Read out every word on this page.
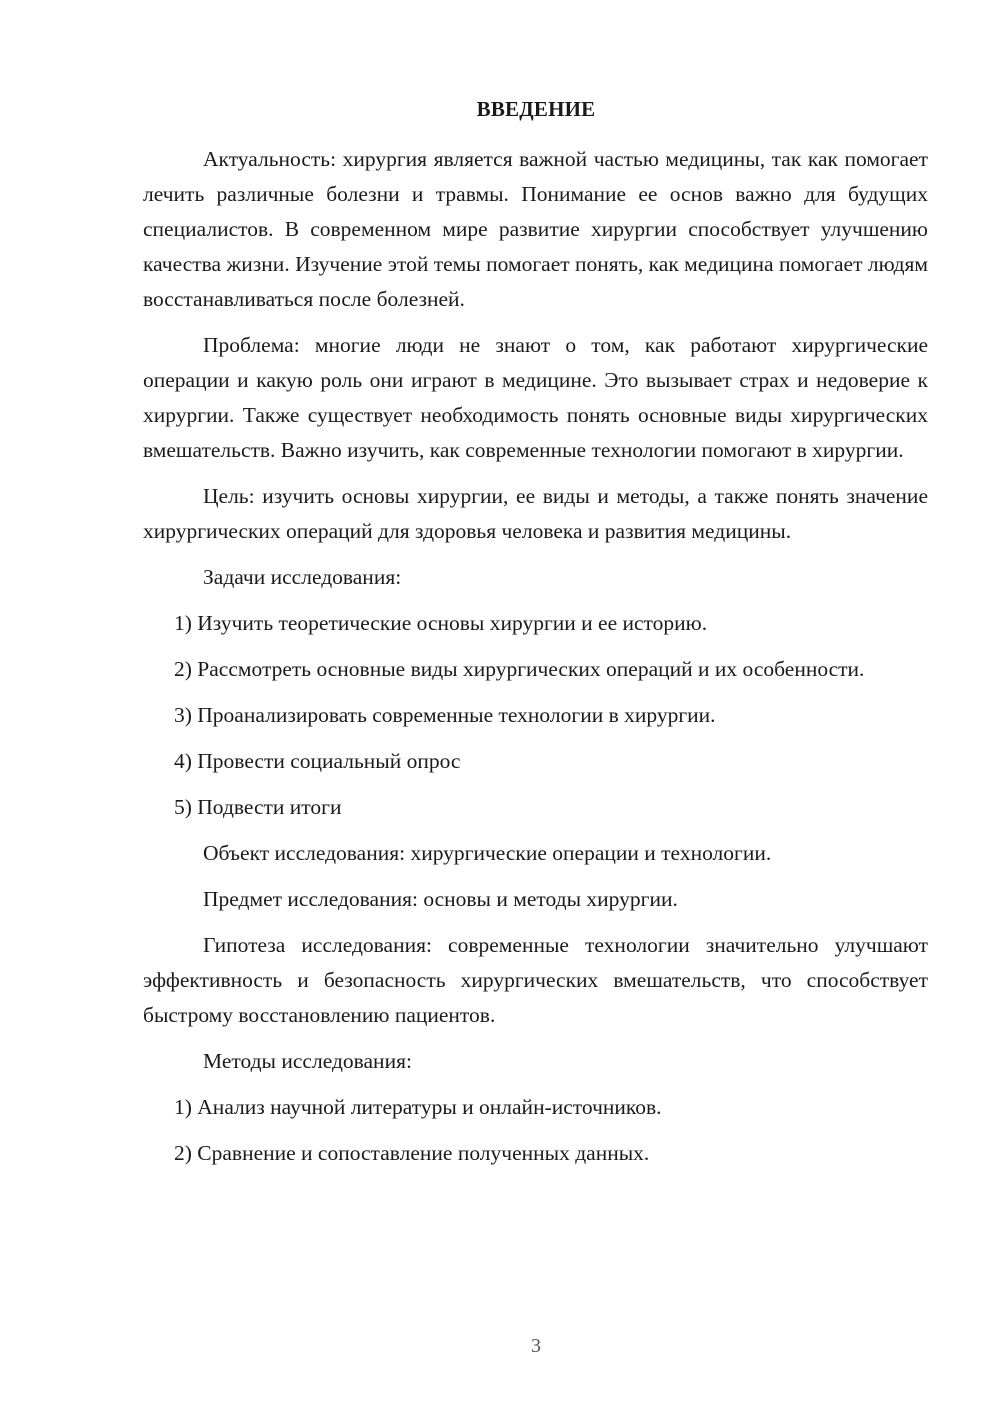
ВВЕДЕНИЕ

Актуальность: хирургия является важной частью медицины, так как помогает лечить различные болезни и травмы. Понимание ее основ важно для будущих специалистов. В современном мире развитие хирургии способствует улучшению качества жизни. Изучение этой темы помогает понять, как медицина помогает людям восстанавливаться после болезней.

Проблема: многие люди не знают о том, как работают хирургические операции и какую роль они играют в медицине. Это вызывает страх и недоверие к хирургии. Также существует необходимость понять основные виды хирургических вмешательств. Важно изучить, как современные технологии помогают в хирургии.

Цель: изучить основы хирургии, ее виды и методы, а также понять значение хирургических операций для здоровья человека и развития медицины.

Задачи исследования:

1) Изучить теоретические основы хирургии и ее историю.

2) Рассмотреть основные виды хирургических операций и их особенности.

3) Проанализировать современные технологии в хирургии.

4) Провести социальный опрос

5) Подвести итоги

Объект исследования: хирургические операции и технологии.

Предмет исследования: основы и методы хирургии.

Гипотеза исследования: современные технологии значительно улучшают эффективность и безопасность хирургических вмешательств, что способствует быстрому восстановлению пациентов.

Методы исследования:

1) Анализ научной литературы и онлайн-источников.

2) Сравнение и сопоставление полученных данных.

3
